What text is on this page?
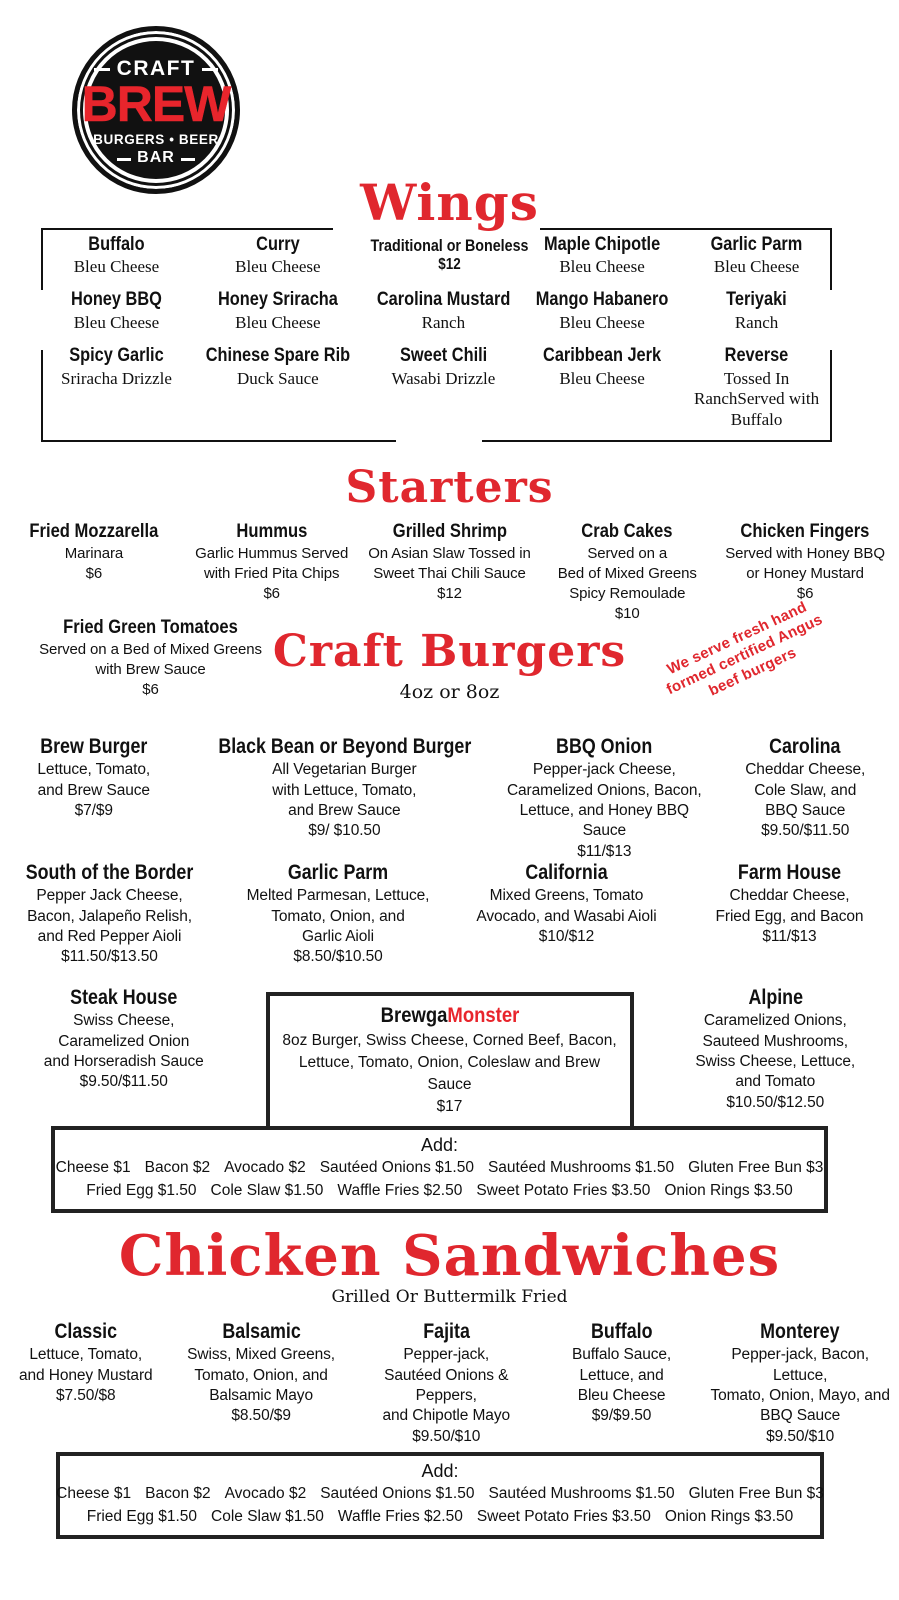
CRAFT
BREW
BURGERS • BEER
BAR
Wings
Traditional or Boneless
$12
Buffalo
Bleu Cheese
Curry
Bleu Cheese
Maple Chipotle
Bleu Cheese
Garlic Parm
Bleu Cheese
Honey BBQ
Bleu Cheese
Honey Sriracha
Bleu Cheese
Carolina Mustard
Ranch
Mango Habanero
Bleu Cheese
Teriyaki
Ranch
Spicy Garlic
Sriracha Drizzle
Chinese Spare Rib
Duck Sauce
Sweet Chili
Wasabi Drizzle
Caribbean Jerk
Bleu Cheese
Reverse
Tossed In RanchServed with Buffalo
Starters
Fried Mozzarella
Marinara
$6
Hummus
Garlic Hummus Served
with Fried Pita Chips
$6
Grilled Shrimp
On Asian Slaw Tossed in
Sweet Thai Chili Sauce
$12
Crab Cakes
Served on a
Bed of Mixed Greens
Spicy Remoulade
$10
Chicken Fingers
Served with Honey BBQ
or Honey Mustard
$6
Fried Green Tomatoes
Served on a Bed of Mixed Greens
with Brew Sauce
$6
Craft Burgers
4oz or 8oz
We serve fresh hand formed certified Angus beef burgers
Brew Burger
Lettuce, Tomato,
and Brew Sauce
$7/$9
Black Bean or Beyond Burger
All Vegetarian Burger
with Lettuce, Tomato,
and Brew Sauce
$9/ $10.50
BBQ Onion
Pepper-jack Cheese,
Caramelized Onions, Bacon,
Lettuce, and Honey BBQ Sauce
$11/$13
Carolina
Cheddar Cheese,
Cole Slaw, and
BBQ Sauce
$9.50/$11.50
South of the Border
Pepper Jack Cheese,
Bacon, Jalapeño Relish,
and Red Pepper Aioli
$11.50/$13.50
Garlic Parm
Melted Parmesan, Lettuce,
Tomato, Onion, and
Garlic Aioli
$8.50/$10.50
California
Mixed Greens, Tomato
Avocado, and Wasabi Aioli
$10/$12
Farm House
Cheddar Cheese,
Fried Egg, and Bacon
$11/$13
Steak House
Swiss Cheese,
Caramelized Onion
and Horseradish Sauce
$9.50/$11.50
BrewgaMonster
8oz Burger, Swiss Cheese, Corned Beef, Bacon,
Lettuce, Tomato, Onion, Coleslaw and Brew Sauce
$17
Alpine
Caramelized Onions,
Sauteed Mushrooms,
Swiss Cheese, Lettuce,
and Tomato
$10.50/$12.50
Add:
Cheese $1 Bacon $2 Avocado $2 Sautéed Onions $1.50 Sautéed Mushrooms $1.50 Gluten Free Bun $3
Fried Egg $1.50 Cole Slaw $1.50 Waffle Fries $2.50 Sweet Potato Fries $3.50 Onion Rings $3.50
Chicken Sandwiches
Grilled Or Buttermilk Fried
Classic
Lettuce, Tomato,
and Honey Mustard
$7.50/$8
Balsamic
Swiss, Mixed Greens,
Tomato, Onion, and
Balsamic Mayo
$8.50/$9
Fajita
Pepper-jack,
Sautéed Onions & Peppers,
and Chipotle Mayo
$9.50/$10
Buffalo
Buffalo Sauce,
Lettuce, and
Bleu Cheese
$9/$9.50
Monterey
Pepper-jack, Bacon, Lettuce,
Tomato, Onion, Mayo, and
BBQ Sauce
$9.50/$10
Add:
Cheese $1 Bacon $2 Avocado $2 Sautéed Onions $1.50 Sautéed Mushrooms $1.50 Gluten Free Bun $3
Fried Egg $1.50 Cole Slaw $1.50 Waffle Fries $2.50 Sweet Potato Fries $3.50 Onion Rings $3.50
